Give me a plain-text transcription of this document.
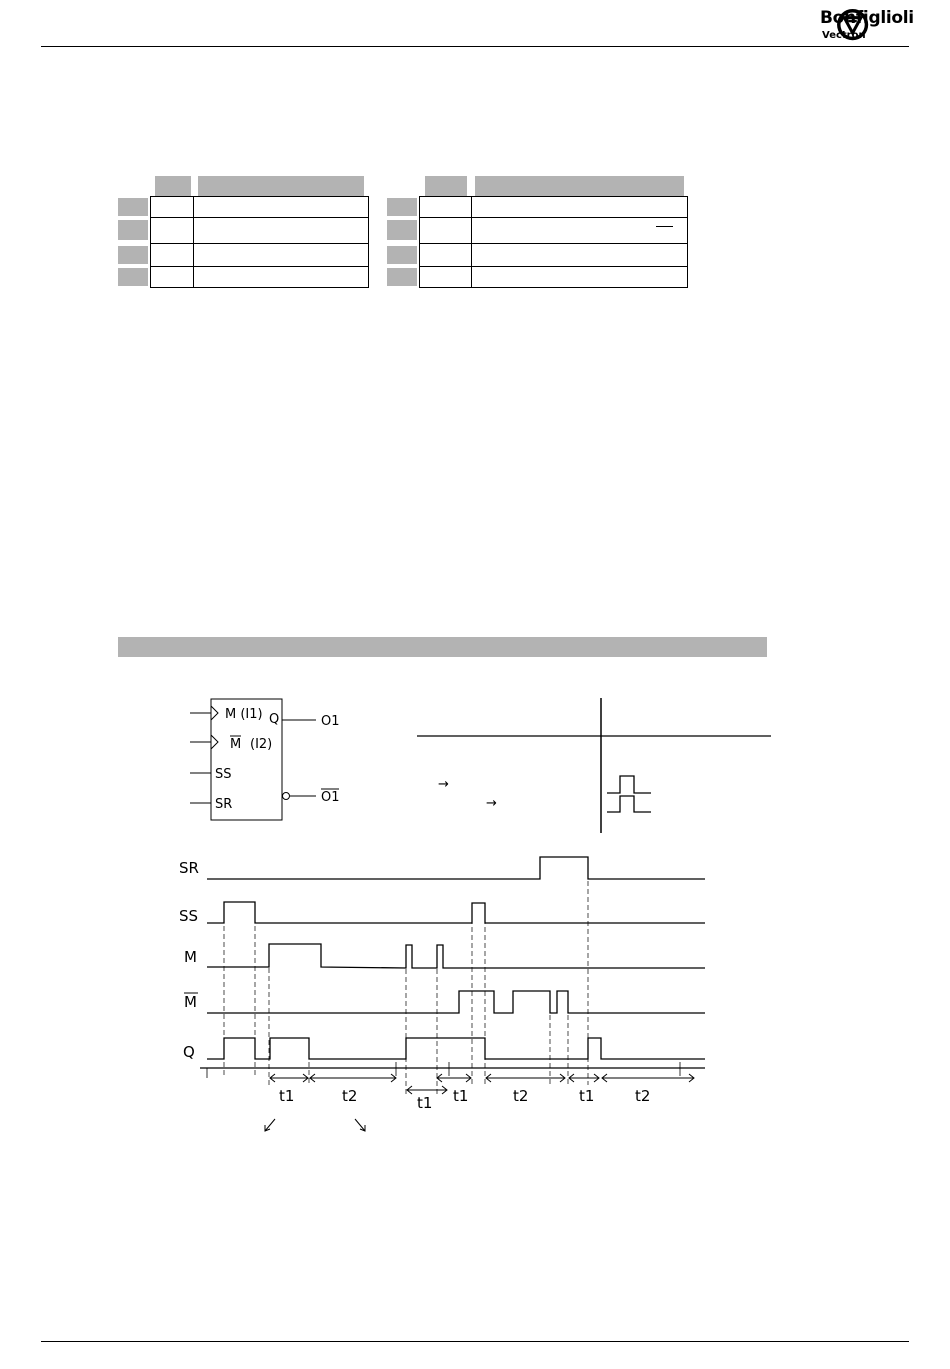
Bonfiglioli
Vectron
M (I1)
M (I2)
SS
SR
Q	O1
O1
→
→
SR
SS
M
M
Q
t1	t2	t1 t1	t2	t1	t2
